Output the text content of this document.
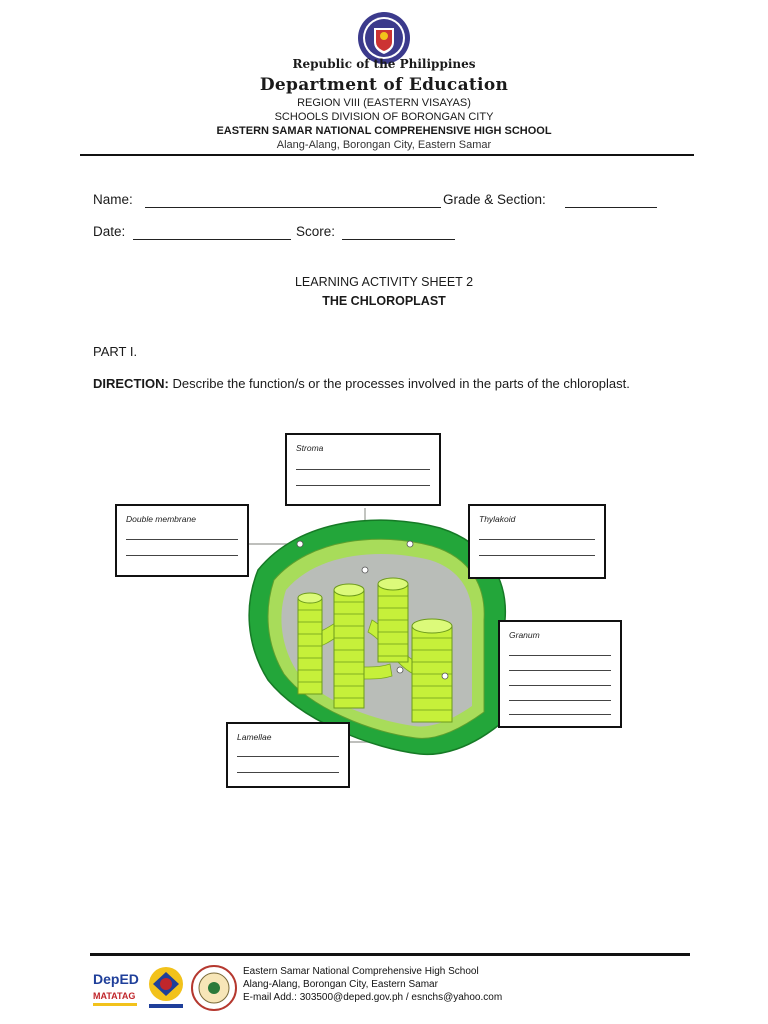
Republic of the Philippines
Department of Education
REGION VIII (EASTERN VISAYAS)
SCHOOLS DIVISION OF BORONGAN CITY
EASTERN SAMAR NATIONAL COMPREHENSIVE HIGH SCHOOL
Alang-Alang, Borongan City, Eastern Samar
Name:	Grade & Section:
Date:	Score:
LEARNING ACTIVITY SHEET 2
THE CHLOROPLAST
PART I.
DIRECTION: Describe the function/s or the processes involved in the parts of the chloroplast.
Stroma
Double membrane	Thylakoid
Granum
Lamellae
DepED
MATATAG
Eastern Samar National Comprehensive High School
Alang-Alang, Borongan City, Eastern Samar
E-mail Add.: 303500@deped.gov.ph / esnchs@yahoo.com
